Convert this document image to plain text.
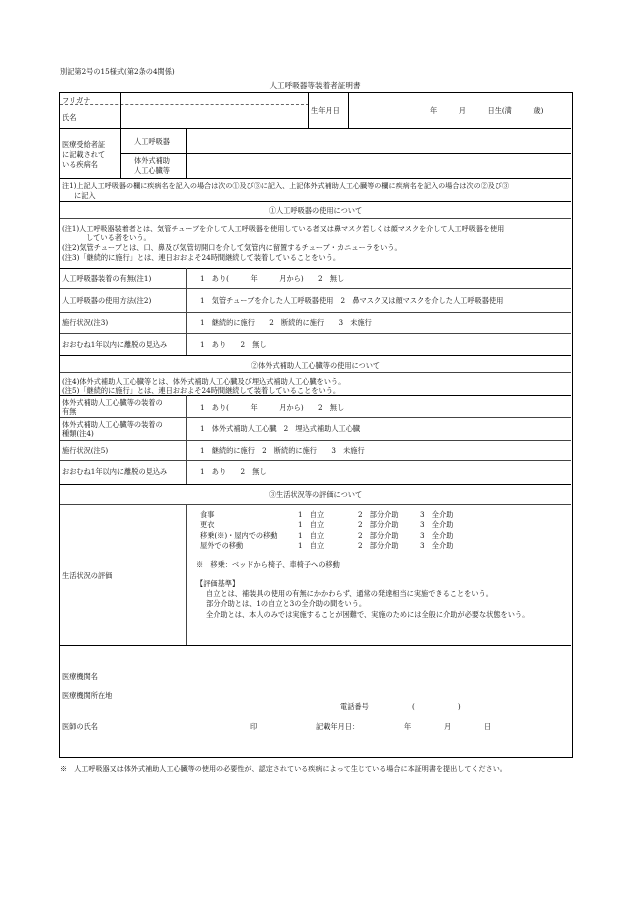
別記第2号の15様式(第2条の4関係)
人工呼吸器等装着者証明書
フリガナ
氏名
生年月日	年　　　月　　　日生(満　　　歳)
医療受給者証
に記載されて
いる疾病名
人工呼吸器
体外式補助
人工心臓等
注1)上記人工呼吸器の欄に疾病名を記入の場合は次の①及び③に記入、上記体外式補助人工心臓等の欄に疾病名を記入の場合は次の②及び③
に記入
①人工呼吸器の使用について
(注1)人工呼吸器装着者とは、気管チューブを介して人工呼吸器を使用している者又は鼻マスク若しくは顔マスクを介して人工呼吸器を使用
している者をいう。
(注2)気管チューブとは、口、鼻及び気管切開口を介して気管内に留置するチューブ・カニューラをいう。
(注3)「継続的に施行」とは、連日おおよそ24時間継続して装着していることをいう。
人工呼吸器装着の有無(注1)	1　あり(　　　年　　　月から)　　2　無し
人工呼吸器の使用方法(注2)	1　気管チューブを介した人工呼吸器使用　2　鼻マスク又は顔マスクを介した人工呼吸器使用
施行状況(注3)	1　継続的に施行　　2　断続的に施行　　3　未施行
おおむね1年以内に離脱の見込み	1　あり　　2　無し
②体外式補助人工心臓等の使用について
(注4)体外式補助人工心臓等とは、体外式補助人工心臓及び埋込式補助人工心臓をいう。
(注5)「継続的に施行」とは、連日おおよそ24時間継続して装着していることをいう。
体外式補助人工心臓等の装着の
有無	1　あり(　　　年　　　月から)　　2　無し
体外式補助人工心臓等の装着の
種類(注4)
1　体外式補助人工心臓　2　埋込式補助人工心臓
施行状況(注5)	1　継続的に施行　2　断続的に施行　　3　未施行
おおむね1年以内に離脱の見込み	1　あり　　2　無し
③生活状況等の評価について
生活状況の評価
食事	1　自立	2　部分介助	3　全介助
更衣	1　自立	2　部分介助	3　全介助
移乗(※)・屋内での移動	1　自立	2　部分介助	3　全介助
屋外での移動	1　自立	2　部分介助	3　全介助
※　移乗：ベッドから椅子、車椅子への移動
【評価基準】
自立とは、補装具の使用の有無にかかわらず、通常の発達相当に実施できることをいう。
部分介助とは、1の自立と3の全介助の間をいう。
全介助とは、本人のみでは実施することが困難で、実施のためには全般に介助が必要な状態をいう。
医療機関名
医療機関所在地
電話番号	(　　　　　　)
医師の氏名	印	記載年月日：	年	月	日
※　人工呼吸器又は体外式補助人工心臓等の使用の必要性が、認定されている疾病によって生じている場合に本証明書を提出してください。
